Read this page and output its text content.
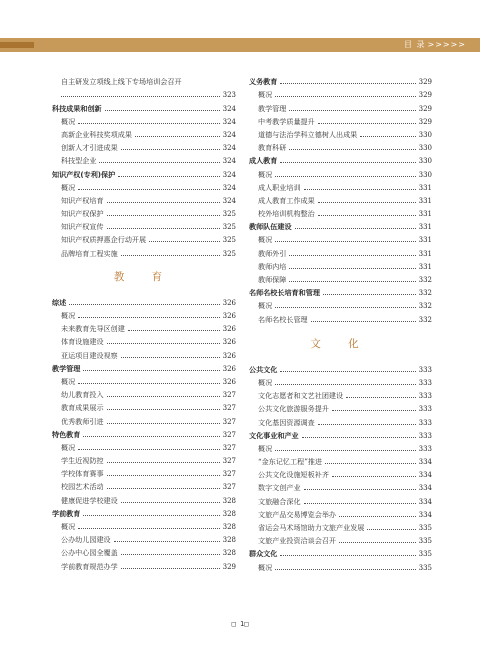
目 录 >>>>>
自主研发立项线上线下专场培训会召开
323
科技成果和创新	324
概况	324
高新企业科技奖项成果	324
创新人才引进成果	324
科技型企业	324
知识产权(专利)保护	324
概况	324
知识产权培育	324
知识产权保护	325
知识产权宣传	325
知识产权质押惠企行动开展	325
品牌培育工程实施	325
教 育
综述	326
概况	326
未来教育先导区创建	326
体育设施建设	326
亚运项目建设视察	326
教学管理	326
概况	326
幼儿教育投入	327
教育成果展示	327
优秀教师引进	327
特色教育	327
概况	327
学生近视防控	327
学校体育赛事	327
校园艺术活动	327
健康促进学校建设	328
学前教育	328
概况	328
公办幼儿园建设	328
公办中心园全覆盖	328
学前教育规范办学	329
义务教育	329
概况	329
教学管理	329
中考教学质量提升	329
道德与法治学科立德树人出成果	330
教育科研	330
成人教育	330
概况	330
成人职业培训	331
成人教育工作成果	331
校外培训机构整治	331
教师队伍建设	331
概况	331
教师外引	331
教师内培	331
教师保障	332
名师名校长培育和管理	332
概况	332
名师名校长管理	332
文 化
公共文化	333
概况	333
文化志愿者和文艺社团建设	333
公共文化旅游服务提升	333
文化基因资源调查	333
文化事业和产业	333
概况	333
“金东记忆工程”推进	334
公共文化设施短板补齐	334
数字文创产业	334
文旅融合深化	334
文旅产品交易博览会举办	334
省运会马术场馆助力文旅产业发展	335
文旅产业投资洽谈会召开	335
群众文化	335
概况	335
□ 1□
